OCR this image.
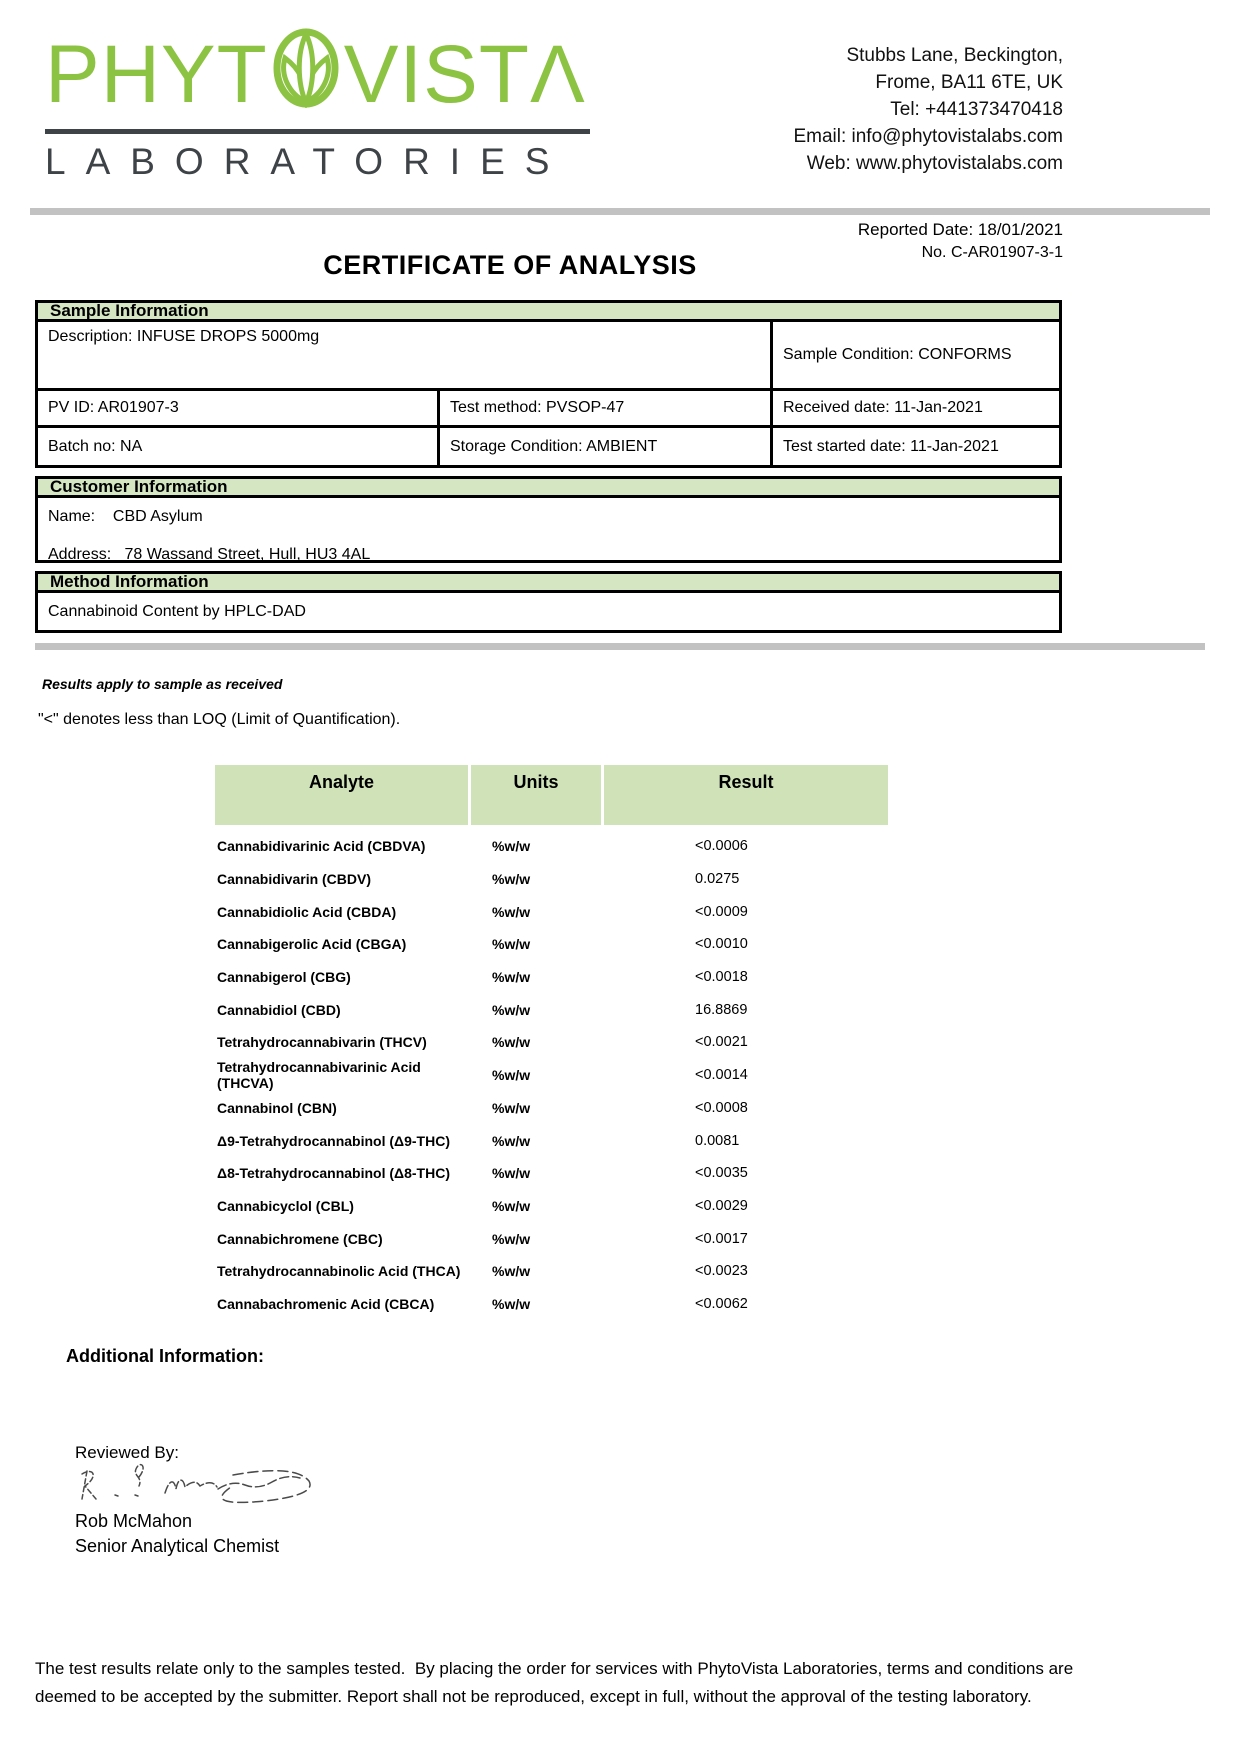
PHYT VISTΛ
LABORATORIES
Stubbs Lane, Beckington,
Frome, BA11 6TE, UK
Tel: +441373470418
Email: info@phytovistalabs.com
Web: www.phytovistalabs.com
Reported Date: 18/01/2021
No. C-AR01907-3-1
CERTIFICATE OF ANALYSIS
Sample Information
Description: INFUSE DROPS 5000mg
Sample Condition: CONFORMS
PV ID: AR01907-3	Test method: PVSOP-47	Received date: 11-Jan-2021
Batch no: NA	Storage Condition: AMBIENT	Test started date: 11-Jan-2021
Customer Information
Name:    CBD Asylum
Address:   78 Wassand Street, Hull, HU3 4AL
Method Information
Cannabinoid Content by HPLC-DAD
Results apply to sample as received
"<" denotes less than LOQ (Limit of Quantification).
Analyte	Units	Result
Cannabidivarinic Acid (CBDVA)	%w/w	<0.0006
Cannabidivarin (CBDV)	%w/w	0.0275
Cannabidiolic Acid (CBDA)	%w/w	<0.0009
Cannabigerolic Acid (CBGA)	%w/w	<0.0010
Cannabigerol (CBG)	%w/w	<0.0018
Cannabidiol (CBD)	%w/w	16.8869
Tetrahydrocannabivarin (THCV)	%w/w	<0.0021
Tetrahydrocannabivarinic Acid (THCVA)	%w/w	<0.0014
Cannabinol (CBN)	%w/w	<0.0008
Δ9-Tetrahydrocannabinol (Δ9-THC)	%w/w	0.0081
Δ8-Tetrahydrocannabinol (Δ8-THC)	%w/w	<0.0035
Cannabicyclol (CBL)	%w/w	<0.0029
Cannabichromene (CBC)	%w/w	<0.0017
Tetrahydrocannabinolic Acid (THCA)	%w/w	<0.0023
Cannabachromenic Acid (CBCA)	%w/w	<0.0062
Additional Information:
Reviewed By:
Rob McMahon
Senior Analytical Chemist
The test results relate only to the samples tested.  By placing the order for services with PhytoVista Laboratories, terms and conditions are
deemed to be accepted by the submitter. Report shall not be reproduced, except in full, without the approval of the testing laboratory.
